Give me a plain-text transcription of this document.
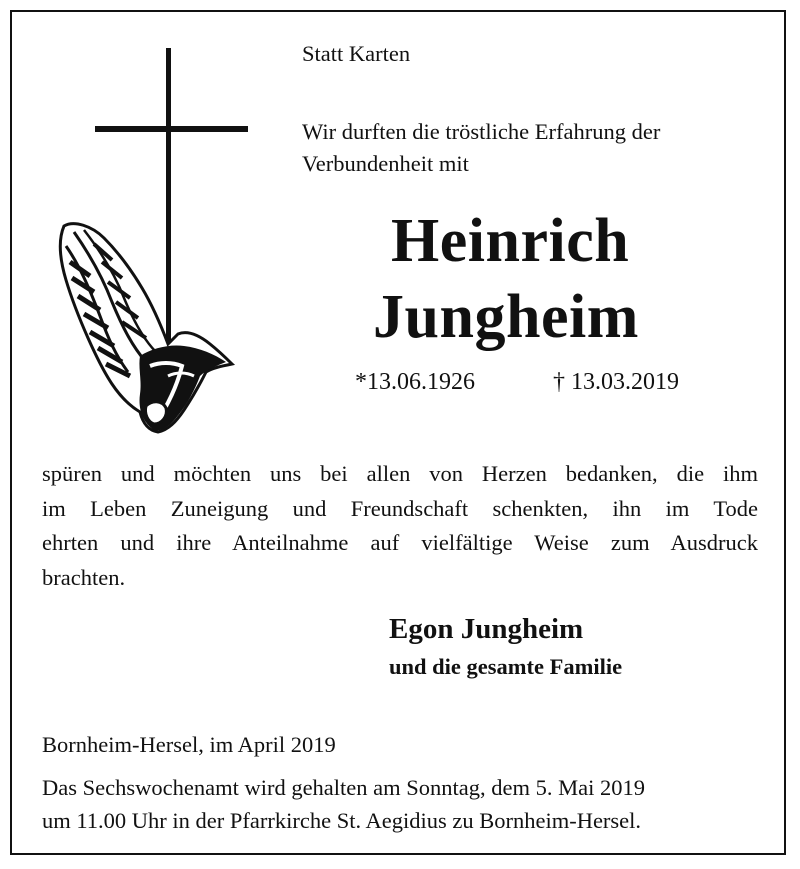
Statt Karten

Wir durften die tröstliche Erfahrung der

Verbundenheit mit

Heinrich

Jungheim

*13.06.1926	† 13.03.2019

spüren und möchten uns bei allen von Herzen bedanken, die ihm

im Leben Zuneigung und Freundschaft schenkten, ihn im Tode

ehrten und ihre Anteilnahme auf vielfältige Weise zum Ausdruck

brachten.

Egon Jungheim

und die gesamte Familie

Bornheim-Hersel, im April 2019

Das Sechswochenamt wird gehalten am Sonntag, dem 5. Mai 2019

um 11.00 Uhr in der Pfarrkirche St. Aegidius zu Bornheim-Hersel.
